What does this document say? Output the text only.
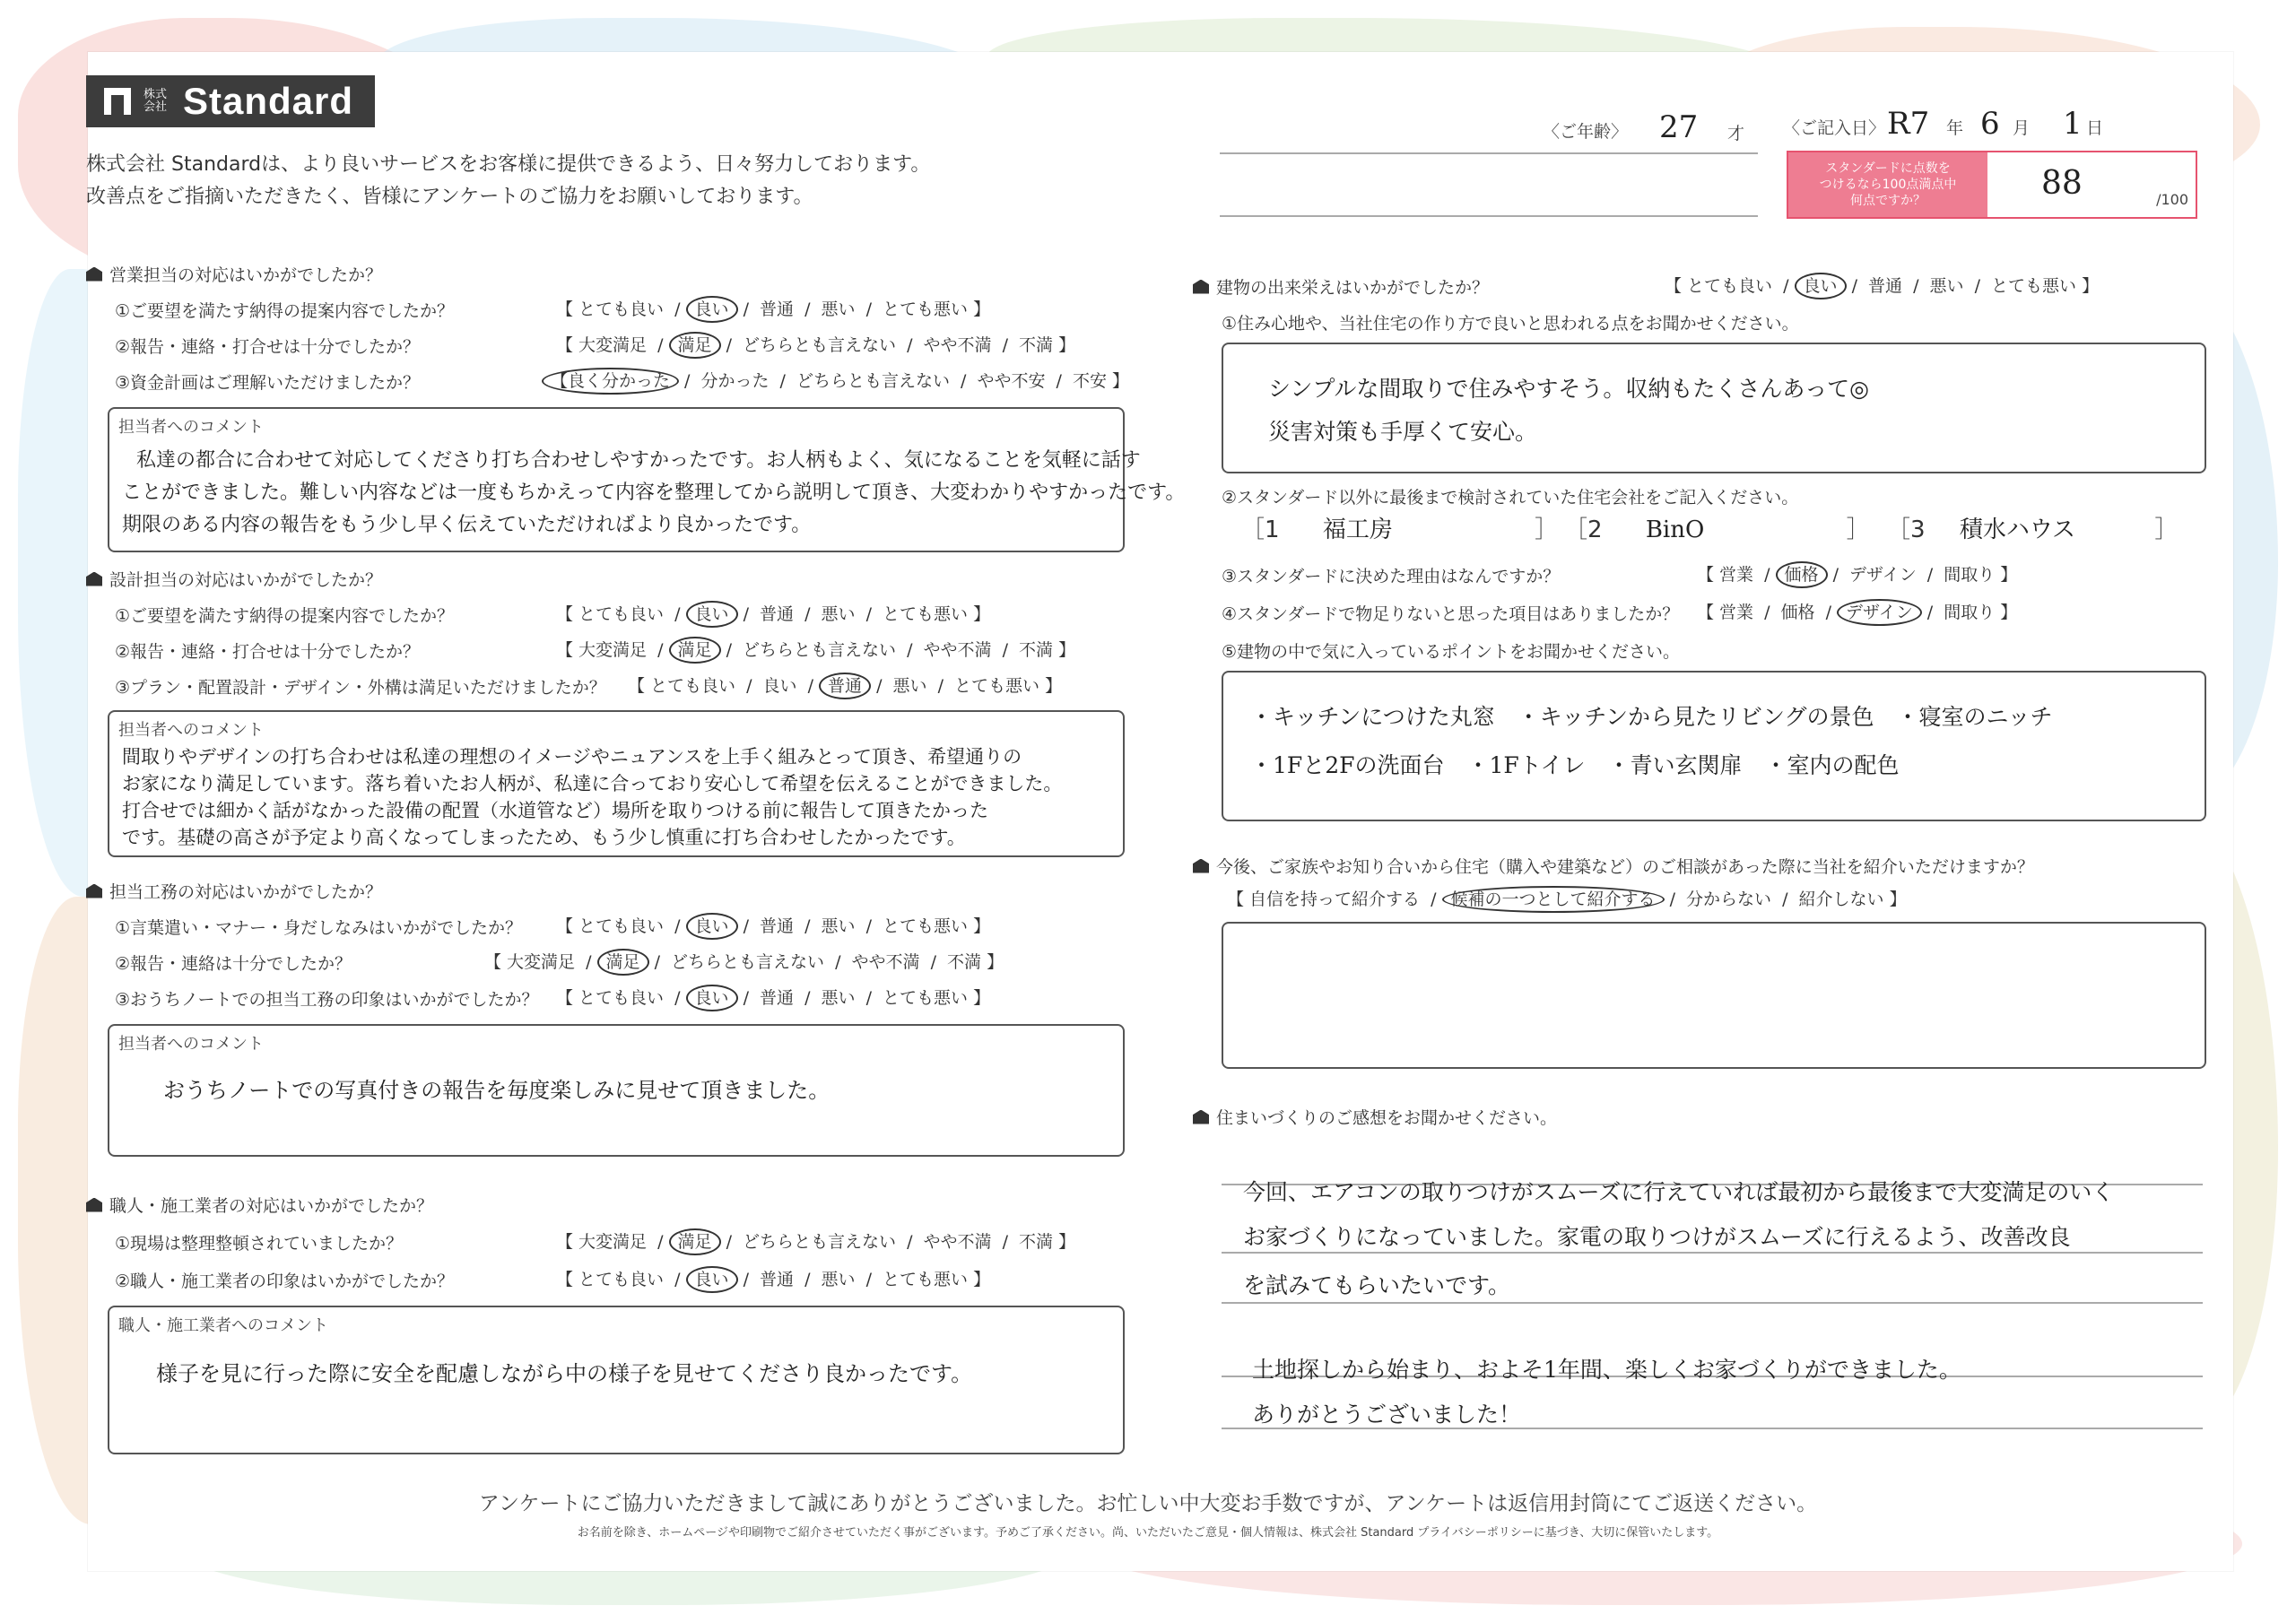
株式
会社 Standard
株式会社 Standardは、より良いサービスをお客様に提供できるよう、日々努力しております。
改善点をご指摘いただきたく、皆様にアンケートのご協力をお願いしております。
〈ご年齢〉 27 才 〈ご記入日〉 R7 年 6 月 1 日
スタンダードに点数を
つけるなら100点満点中
何点ですか？	88	/100
営業担当の対応はいかがでしたか？
①ご要望を満たす納得の提案内容でしたか？	【 とても良い / 良い / 普通 / 悪い / とても悪い 】
②報告・連絡・打合せは十分でしたか？	【 大変満足 / 満足 / どちらとも言えない / やや不満 / 不満 】
③資金計画はご理解いただけましたか？	【良く分かった / 分かった / どちらとも言えない / やや不安 / 不安 】
担当者へのコメント
私達の都合に合わせて対応してくださり打ち合わせしやすかったです。お人柄もよく、気になることを気軽に話す
ことができました。難しい内容などは一度もちかえって内容を整理してから説明して頂き、大変わかりやすかったです。
期限のある内容の報告をもう少し早く伝えていただければより良かったです。
設計担当の対応はいかがでしたか？
①ご要望を満たす納得の提案内容でしたか？	【 とても良い / 良い / 普通 / 悪い / とても悪い 】
②報告・連絡・打合せは十分でしたか？	【 大変満足 / 満足 / どちらとも言えない / やや不満 / 不満 】
③プラン・配置設計・デザイン・外構は満足いただけましたか？	【 とても良い / 良い / 普通 / 悪い / とても悪い 】
担当者へのコメント
間取りやデザインの打ち合わせは私達の理想のイメージやニュアンスを上手く組みとって頂き、希望通りの
お家になり満足しています。落ち着いたお人柄が、私達に合っており安心して希望を伝えることができました。
打合せでは細かく話がなかった設備の配置（水道管など）場所を取りつける前に報告して頂きたかった
です。基礎の高さが予定より高くなってしまったため、もう少し慎重に打ち合わせしたかったです。
担当工務の対応はいかがでしたか？
①言葉遣い・マナー・身だしなみはいかがでしたか？	【 とても良い / 良い / 普通 / 悪い / とても悪い 】
②報告・連絡は十分でしたか？	【 大変満足 / 満足 / どちらとも言えない / やや不満 / 不満 】
③おうちノートでの担当工務の印象はいかがでしたか？	【 とても良い / 良い / 普通 / 悪い / とても悪い 】
担当者へのコメント
おうちノートでの写真付きの報告を毎度楽しみに見せて頂きました。
職人・施工業者の対応はいかがでしたか？
①現場は整理整頓されていましたか？	【 大変満足 / 満足 / どちらとも言えない / やや不満 / 不満 】
②職人・施工業者の印象はいかがでしたか？	【 とても良い / 良い / 普通 / 悪い / とても悪い 】
職人・施工業者へのコメント
様子を見に行った際に安全を配慮しながら中の様子を見せてくださり良かったです。
建物の出来栄えはいかがでしたか？	【 とても良い / 良い / 普通 / 悪い / とても悪い 】
①住み心地や、当社住宅の作り方で良いと思われる点をお聞かせください。
シンプルな間取りで住みやすそう。収納もたくさんあって◎
災害対策も手厚くて安心。
②スタンダード以外に最後まで検討されていた住宅会社をご記入ください。
［1 福工房	］ ［2 BinO	］ ［3 積水ハウス	］
③スタンダードに決めた理由はなんですか？	【 営業 / 価格 / デザイン / 間取り 】
④スタンダードで物足りないと思った項目はありましたか？	【 営業 / 価格 / デザイン / 間取り 】
⑤建物の中で気に入っているポイントをお聞かせください。
・キッチンにつけた丸窓　・キッチンから見たリビングの景色　・寝室のニッチ
・1Fと2Fの洗面台　・1Fトイレ　・青い玄関扉　・室内の配色
今後、ご家族やお知り合いから住宅（購入や建築など）のご相談があった際に当社を紹介いただけますか？
【 自信を持って紹介する / 候補の一つとして紹介する / 分からない / 紹介しない 】
住まいづくりのご感想をお聞かせください。
今回、エアコンの取りつけがスムーズに行えていれば最初から最後まで大変満足のいく
お家づくりになっていました。家電の取りつけがスムーズに行えるよう、改善改良
を試みてもらいたいです。
土地探しから始まり、およそ1年間、楽しくお家づくりができました。
ありがとうございました！
アンケートにご協力いただきまして誠にありがとうございました。お忙しい中大変お手数ですが、アンケートは返信用封筒にてご返送ください。
お名前を除き、ホームページや印刷物でご紹介させていただく事がございます。予めご了承ください。尚、いただいたご意見・個人情報は、株式会社 Standard プライバシーポリシーに基づき、大切に保管いたします。
